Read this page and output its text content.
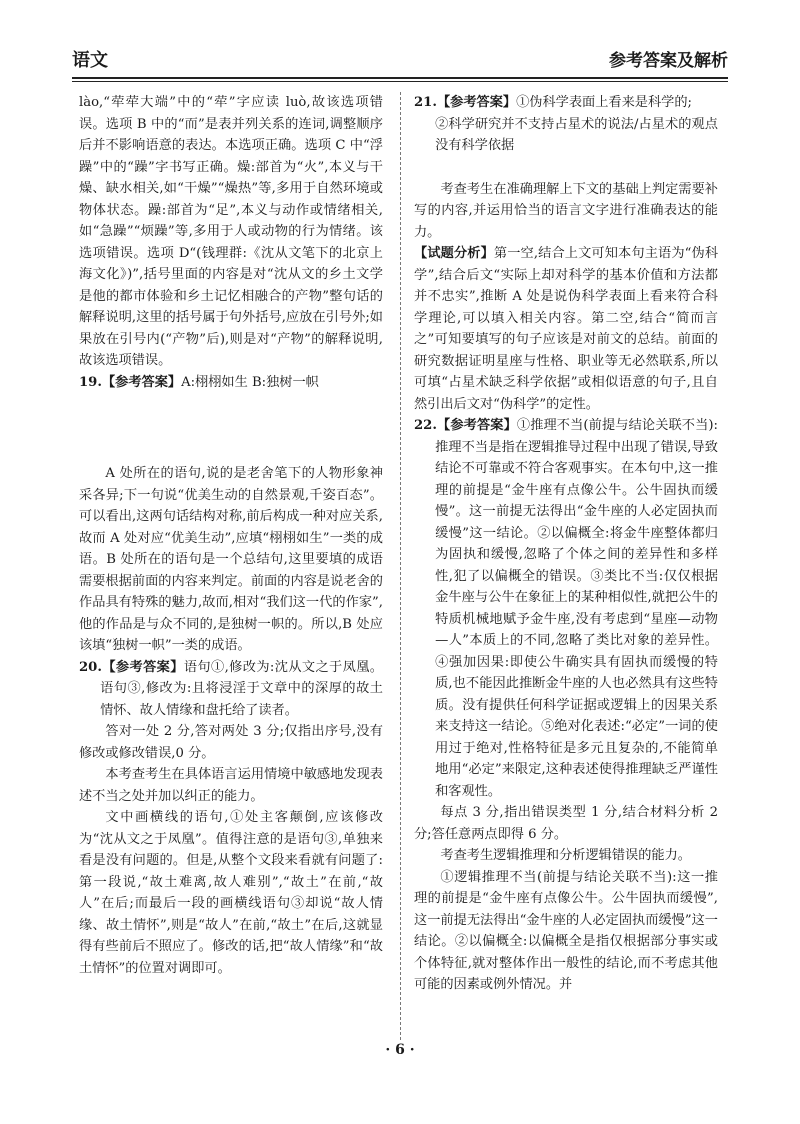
语文	参考答案及解析

lào,“荦荦大端”中的“荦”字应读 luò,故该选项错误。选项 B 中的“而”是表并列关系的连词,调整顺序后并不影响语意的表达。本选项正确。选项 C 中“浮躁”中的“躁”字书写正确。燥:部首为“火”,本义与干燥、缺水相关,如“干燥”“燥热”等,多用于自然环境或物体状态。躁:部首为“足”,本义与动作或情绪相关,如“急躁”“烦躁”等,多用于人或动物的行为情绪。该选项错误。选项 D“(钱理群:《沈从文笔下的北京上海文化》)”,括号里面的内容是对“沈从文的乡土文学是他的都市体验和乡土记忆相融合的产物”整句话的解释说明,这里的括号属于句外括号,应放在引号外;如果放在引号内(“产物”后),则是对“产物”的解释说明,故该选项错误。

19.【参考答案】A:栩栩如生 B:独树一帜

A 处所在的语句,说的是老舍笔下的人物形象神采各异;下一句说“优美生动的自然景观,千姿百态”。可以看出,这两句话结构对称,前后构成一种对应关系,故而 A 处对应“优美生动”,应填“栩栩如生”一类的成语。B 处所在的语句是一个总结句,这里要填的成语需要根据前面的内容来判定。前面的内容是说老舍的作品具有特殊的魅力,故而,相对“我们这一代的作家”,他的作品是与众不同的,是独树一帜的。所以,B 处应该填“独树一帜”一类的成语。

20.【参考答案】语句①,修改为:沈从文之于凤凰。语句③,修改为:且将浸淫于文章中的深厚的故土情怀、故人情缘和盘托给了读者。

答对一处 2 分,答对两处 3 分;仅指出序号,没有修改或修改错误,0 分。

本考查考生在具体语言运用情境中敏感地发现表述不当之处并加以纠正的能力。

文中画横线的语句,①处主客颠倒,应该修改为“沈从文之于凤凰”。值得注意的是语句③,单独来看是没有问题的。但是,从整个文段来看就有问题了:第一段说,“故土难离,故人难别”,“故土”在前,“故人”在后;而最后一段的画横线语句③却说“故人情缘、故土情怀”,则是“故人”在前,“故土”在后,这就显得有些前后不照应了。修改的话,把“故人情缘”和“故土情怀”的位置对调即可。

21.【参考答案】①伪科学表面上看来是科学的;

②科学研究并不支持占星术的说法/占星术的观点没有科学依据

考查考生在准确理解上下文的基础上判定需要补写的内容,并运用恰当的语言文字进行准确表达的能力。

【试题分析】第一空,结合上文可知本句主语为“伪科学”,结合后文“实际上却对科学的基本价值和方法都并不忠实”,推断 A 处是说伪科学表面上看来符合科学理论,可以填入相关内容。第二空,结合“简而言之”可知要填写的句子应该是对前文的总结。前面的研究数据证明星座与性格、职业等无必然联系,所以可填“占星术缺乏科学依据”或相似语意的句子,且自然引出后文对“伪科学”的定性。

22.【参考答案】①推理不当(前提与结论关联不当):推理不当是指在逻辑推导过程中出现了错误,导致结论不可靠或不符合客观事实。在本句中,这一推理的前提是“金牛座有点像公牛。公牛固执而缓慢”。这一前提无法得出“金牛座的人必定固执而缓慢”这一结论。②以偏概全:将金牛座整体都归为固执和缓慢,忽略了个体之间的差异性和多样性,犯了以偏概全的错误。③类比不当:仅仅根据金牛座与公牛在象征上的某种相似性,就把公牛的特质机械地赋予金牛座,没有考虑到“星座—动物—人”本质上的不同,忽略了类比对象的差异性。④强加因果:即使公牛确实具有固执而缓慢的特质,也不能因此推断金牛座的人也必然具有这些特质。没有提供任何科学证据或逻辑上的因果关系来支持这一结论。⑤绝对化表述:“必定”一词的使用过于绝对,性格特征是多元且复杂的,不能简单地用“必定”来限定,这种表述使得推理缺乏严谨性和客观性。

每点 3 分,指出错误类型 1 分,结合材料分析 2 分;答任意两点即得 6 分。

考查考生逻辑推理和分析逻辑错误的能力。

①逻辑推理不当(前提与结论关联不当):这一推理的前提是“金牛座有点像公牛。公牛固执而缓慢”,这一前提无法得出“金牛座的人必定固执而缓慢”这一结论。②以偏概全:以偏概全是指仅根据部分事实或个体特征,就对整体作出一般性的结论,而不考虑其他可能的因素或例外情况。并

· 6 ·
